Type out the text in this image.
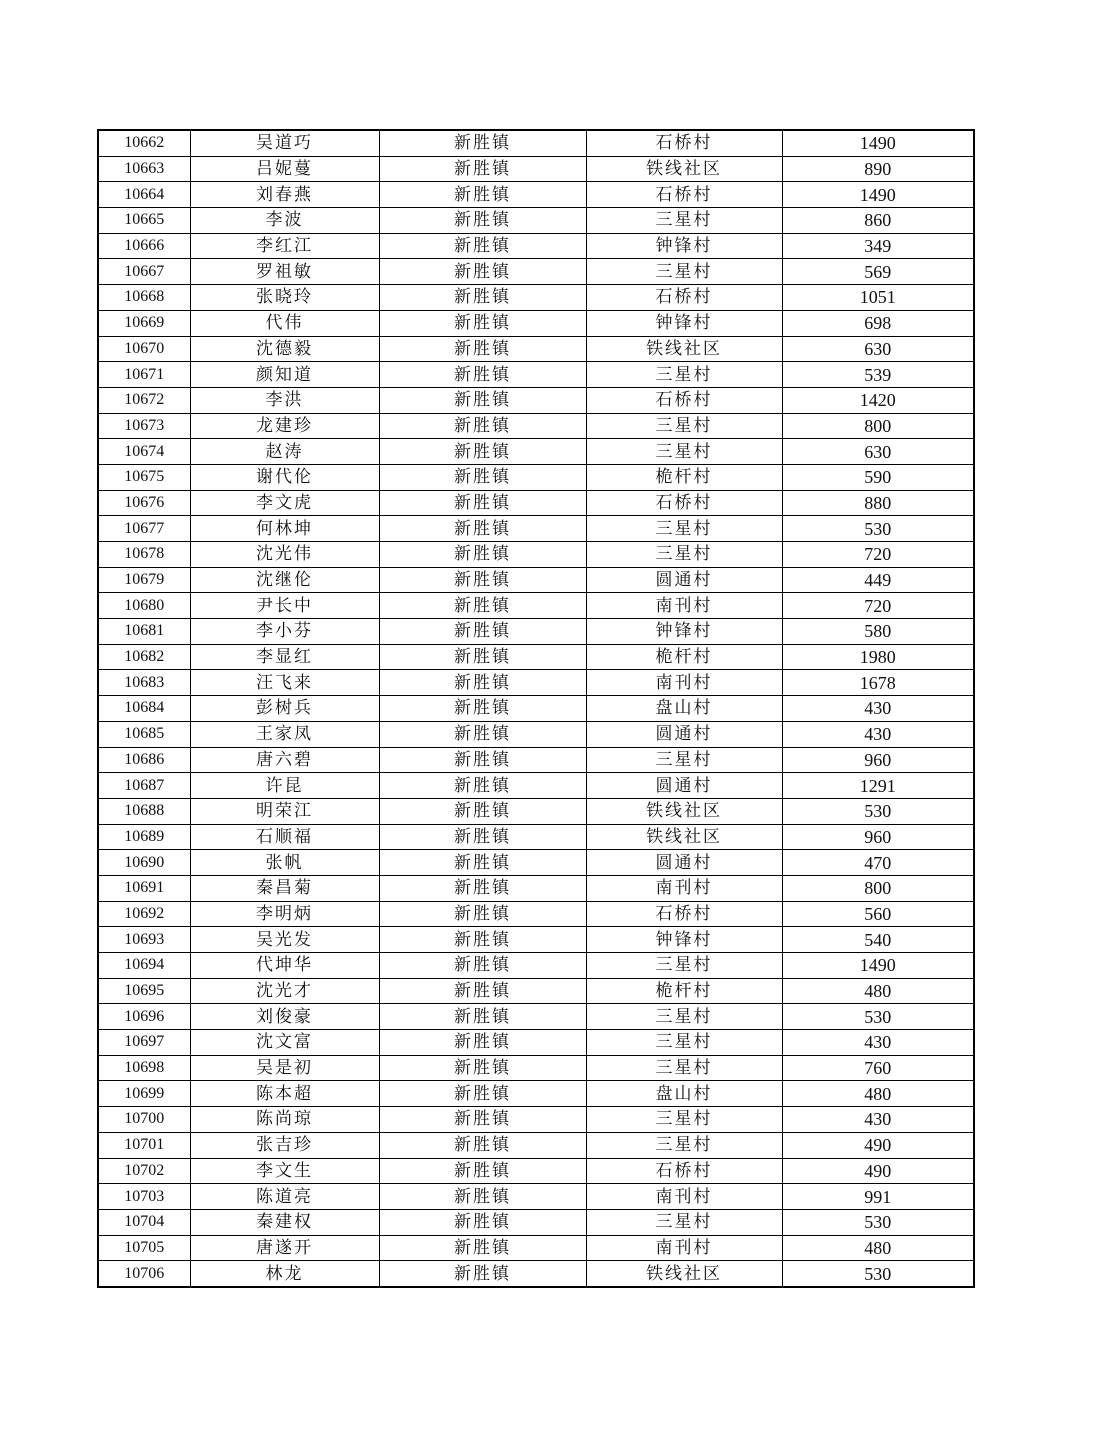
10662	吴道巧	新胜镇	石桥村	1490
10663	吕妮蔓	新胜镇	铁线社区	890
10664	刘春燕	新胜镇	石桥村	1490
10665	李波	新胜镇	三星村	860
10666	李红江	新胜镇	钟锋村	349
10667	罗祖敏	新胜镇	三星村	569
10668	张晓玲	新胜镇	石桥村	1051
10669	代伟	新胜镇	钟锋村	698
10670	沈德毅	新胜镇	铁线社区	630
10671	颜知道	新胜镇	三星村	539
10672	李洪	新胜镇	石桥村	1420
10673	龙建珍	新胜镇	三星村	800
10674	赵涛	新胜镇	三星村	630
10675	谢代伦	新胜镇	桅杆村	590
10676	李文虎	新胜镇	石桥村	880
10677	何林坤	新胜镇	三星村	530
10678	沈光伟	新胜镇	三星村	720
10679	沈继伦	新胜镇	圆通村	449
10680	尹长中	新胜镇	南刊村	720
10681	李小芬	新胜镇	钟锋村	580
10682	李显红	新胜镇	桅杆村	1980
10683	汪飞来	新胜镇	南刊村	1678
10684	彭树兵	新胜镇	盘山村	430
10685	王家凤	新胜镇	圆通村	430
10686	唐六碧	新胜镇	三星村	960
10687	许昆	新胜镇	圆通村	1291
10688	明荣江	新胜镇	铁线社区	530
10689	石顺福	新胜镇	铁线社区	960
10690	张帆	新胜镇	圆通村	470
10691	秦昌菊	新胜镇	南刊村	800
10692	李明炳	新胜镇	石桥村	560
10693	吴光发	新胜镇	钟锋村	540
10694	代坤华	新胜镇	三星村	1490
10695	沈光才	新胜镇	桅杆村	480
10696	刘俊豪	新胜镇	三星村	530
10697	沈文富	新胜镇	三星村	430
10698	吴是初	新胜镇	三星村	760
10699	陈本超	新胜镇	盘山村	480
10700	陈尚琼	新胜镇	三星村	430
10701	张吉珍	新胜镇	三星村	490
10702	李文生	新胜镇	石桥村	490
10703	陈道亮	新胜镇	南刊村	991
10704	秦建权	新胜镇	三星村	530
10705	唐遂开	新胜镇	南刊村	480
10706	林龙	新胜镇	铁线社区	530
